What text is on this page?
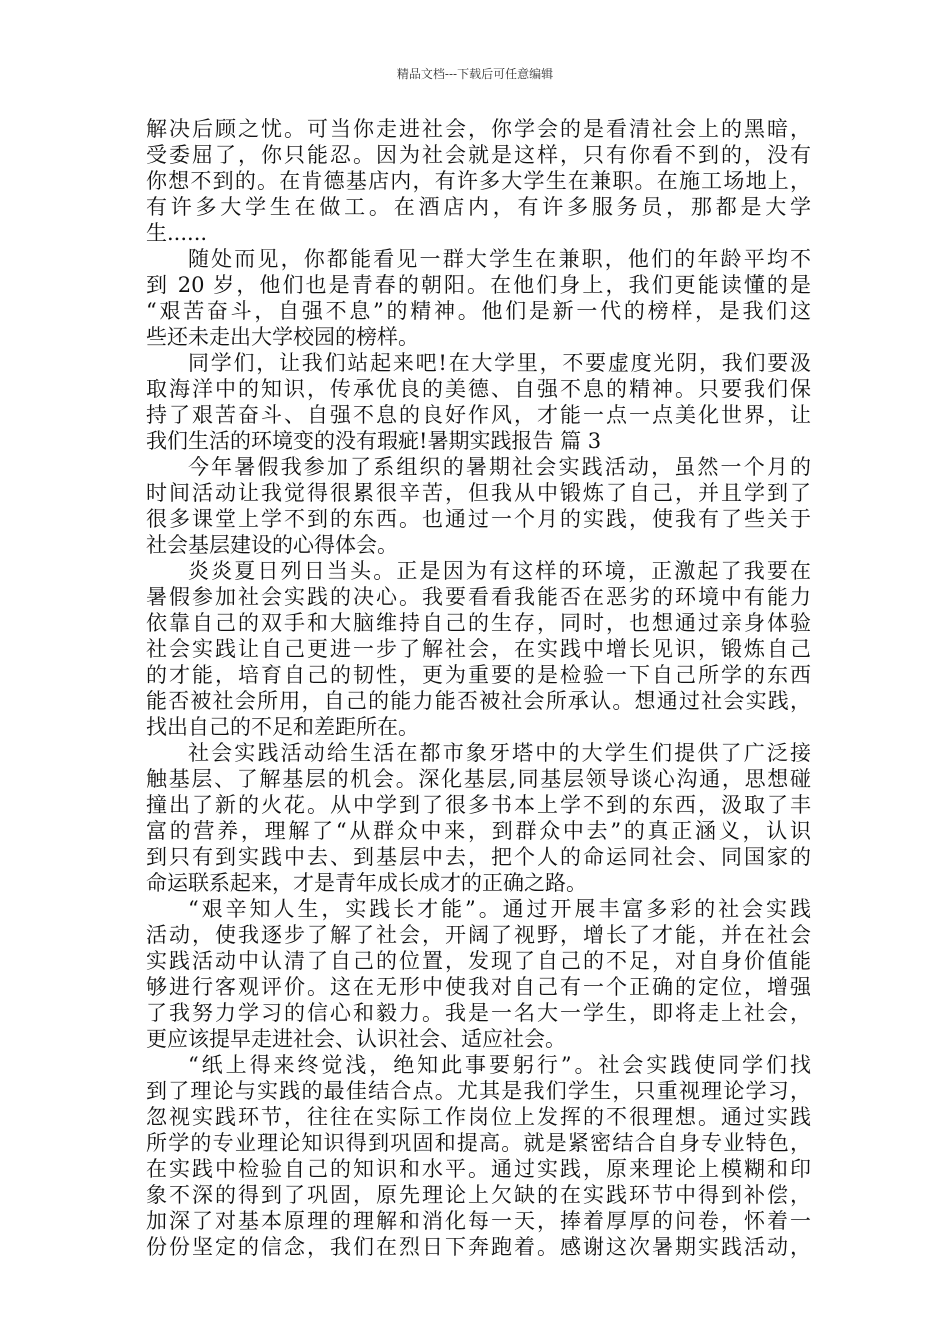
精品文档---下载后可任意编辑
解决后顾之忧。可当你走进社会，你学会的是看清社会上的黑暗，
受委屈了，你只能忍。因为社会就是这样，只有你看不到的，没有
你想不到的。在肯德基店内，有许多大学生在兼职。在施工场地上，
有许多大学生在做工。在酒店内，有许多服务员，那都是大学
生......
随处而见，你都能看见一群大学生在兼职，他们的年龄平均不
到 20 岁，他们也是青春的朝阳。在他们身上，我们更能读懂的是
“艰苦奋斗，自强不息”的精神。他们是新一代的榜样，是我们这
些还未走出大学校园的榜样。
同学们，让我们站起来吧!在大学里，不要虚度光阴，我们要汲
取海洋中的知识，传承优良的美德、自强不息的精神。只要我们保
持了艰苦奋斗、自强不息的良好作风，才能一点一点美化世界，让
我们生活的环境变的没有瑕疵!暑期实践报告 篇 3
今年暑假我参加了系组织的暑期社会实践活动，虽然一个月的
时间活动让我觉得很累很辛苦，但我从中锻炼了自己，并且学到了
很多课堂上学不到的东西。也通过一个月的实践，使我有了些关于
社会基层建设的心得体会。
炎炎夏日列日当头。正是因为有这样的环境，正激起了我要在
暑假参加社会实践的决心。我要看看我能否在恶劣的环境中有能力
依靠自己的双手和大脑维持自己的生存，同时，也想通过亲身体验
社会实践让自己更进一步了解社会，在实践中增长见识，锻炼自己
的才能，培育自己的韧性，更为重要的是检验一下自己所学的东西
能否被社会所用，自己的能力能否被社会所承认。想通过社会实践，
找出自己的不足和差距所在。
社会实践活动给生活在都市象牙塔中的大学生们提供了广泛接
触基层、了解基层的机会。深化基层,同基层领导谈心沟通，思想碰
撞出了新的火花。从中学到了很多书本上学不到的东西，汲取了丰
富的营养，理解了“从群众中来，到群众中去”的真正涵义，认识
到只有到实践中去、到基层中去，把个人的命运同社会、同国家的
命运联系起来，才是青年成长成才的正确之路。
“艰辛知人生，实践长才能”。通过开展丰富多彩的社会实践
活动，使我逐步了解了社会，开阔了视野，增长了才能，并在社会
实践活动中认清了自己的位置，发现了自己的不足，对自身价值能
够进行客观评价。这在无形中使我对自己有一个正确的定位，增强
了我努力学习的信心和毅力。我是一名大一学生，即将走上社会，
更应该提早走进社会、认识社会、适应社会。
“纸上得来终觉浅，绝知此事要躬行”。社会实践使同学们找
到了理论与实践的最佳结合点。尤其是我们学生，只重视理论学习，
忽视实践环节，往往在实际工作岗位上发挥的不很理想。通过实践
所学的专业理论知识得到巩固和提高。就是紧密结合自身专业特色，
在实践中检验自己的知识和水平。通过实践，原来理论上模糊和印
象不深的得到了巩固，原先理论上欠缺的在实践环节中得到补偿，
加深了对基本原理的理解和消化每一天，捧着厚厚的问卷，怀着一
份份坚定的信念，我们在烈日下奔跑着。感谢这次暑期实践活动，
